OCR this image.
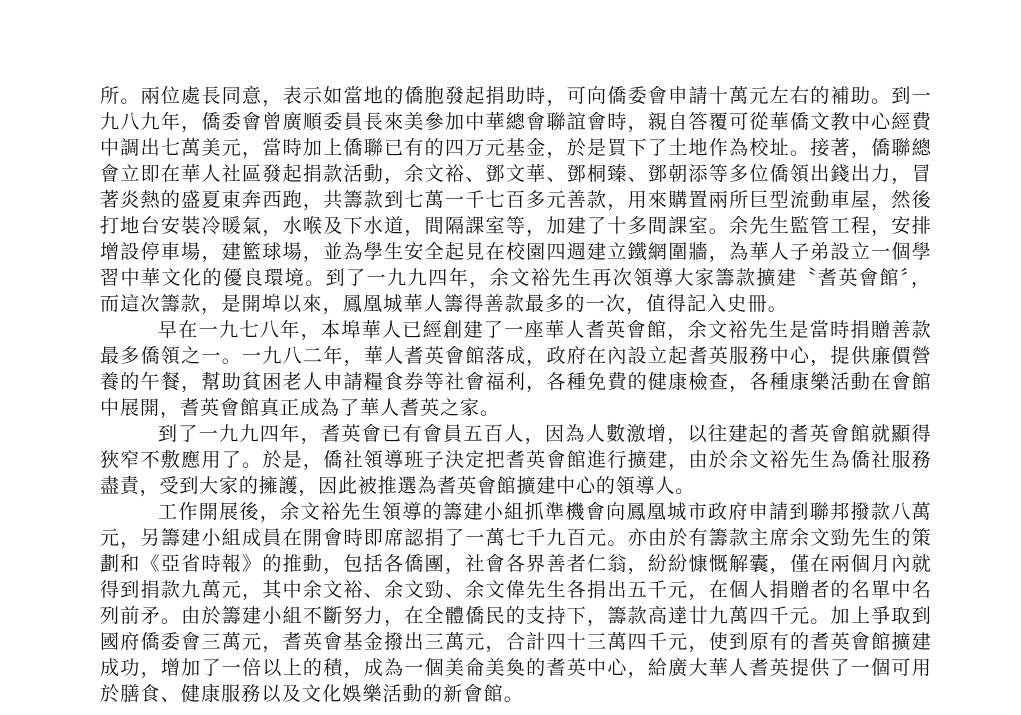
所。兩位處長同意，表示如當地的僑胞發起捐助時，可向僑委會申請十萬元左右的補助。到一

九八九年，僑委會曾廣順委員長來美參加中華總會聯誼會時，親自答覆可從華僑文教中心經費

中調出七萬美元，當時加上僑聯已有的四万元基金，於是買下了土地作為校址。接著，僑聯總

會立即在華人社區發起捐款活動，余文裕、鄧文華、鄧桐臻、鄧朝添等多位僑領出錢出力，冒

著炎熱的盛夏東奔西跑，共籌款到七萬一千七百多元善款，用來購置兩所巨型流動車屋，然後

打地台安裝冷暖氣，水喉及下水道，間隔課室等，加建了十多間課室。余先生監管工程，安排

增設停車場，建籃球場，並為學生安全起見在校園四週建立鐵網圍牆，為華人子弟設立一個學

習中華文化的優良環境。到了一九九四年，余文裕先生再次領導大家籌款擴建〝耆英會館〞，

而這次籌款，是開埠以來，鳳凰城華人籌得善款最多的一次，值得記入史冊。

早在一九七八年，本埠華人已經創建了一座華人耆英會館，余文裕先生是當時捐贈善款

最多僑領之一。一九八二年，華人耆英會館落成，政府在內設立起耆英服務中心，提供廉價營

養的午餐，幫助貧困老人申請糧食券等社會福利，各種免費的健康檢查，各種康樂活動在會館

中展開，耆英會館真正成為了華人耆英之家。

到了一九九四年，耆英會已有會員五百人，因為人數激增，以往建起的耆英會館就顯得

狹窄不敷應用了。於是，僑社領導班子決定把耆英會館進行擴建，由於余文裕先生為僑社服務

盡責，受到大家的擁護，因此被推選為耆英會館擴建中心的領導人。

工作開展後，余文裕先生領導的籌建小組抓準機會向鳳凰城市政府申請到聯邦撥款八萬

元，另籌建小組成員在開會時即席認捐了一萬七千九百元。亦由於有籌款主席余文勁先生的策

劃和《亞省時報》的推動，包括各僑團，社會各界善者仁翁，紛紛慷慨解囊，僅在兩個月內就

得到捐款九萬元，其中余文裕、余文勁、余文偉先生各捐出五千元，在個人捐贈者的名單中名

列前矛。由於籌建小組不斷努力，在全體僑民的支持下，籌款高達廿九萬四千元。加上爭取到

國府僑委會三萬元，耆英會基金撥出三萬元，合計四十三萬四千元，使到原有的耆英會館擴建

成功，增加了一倍以上的積，成為一個美侖美奐的耆英中心，給廣大華人耆英提供了一個可用

於膳食、健康服務以及文化娛樂活動的新會館。
